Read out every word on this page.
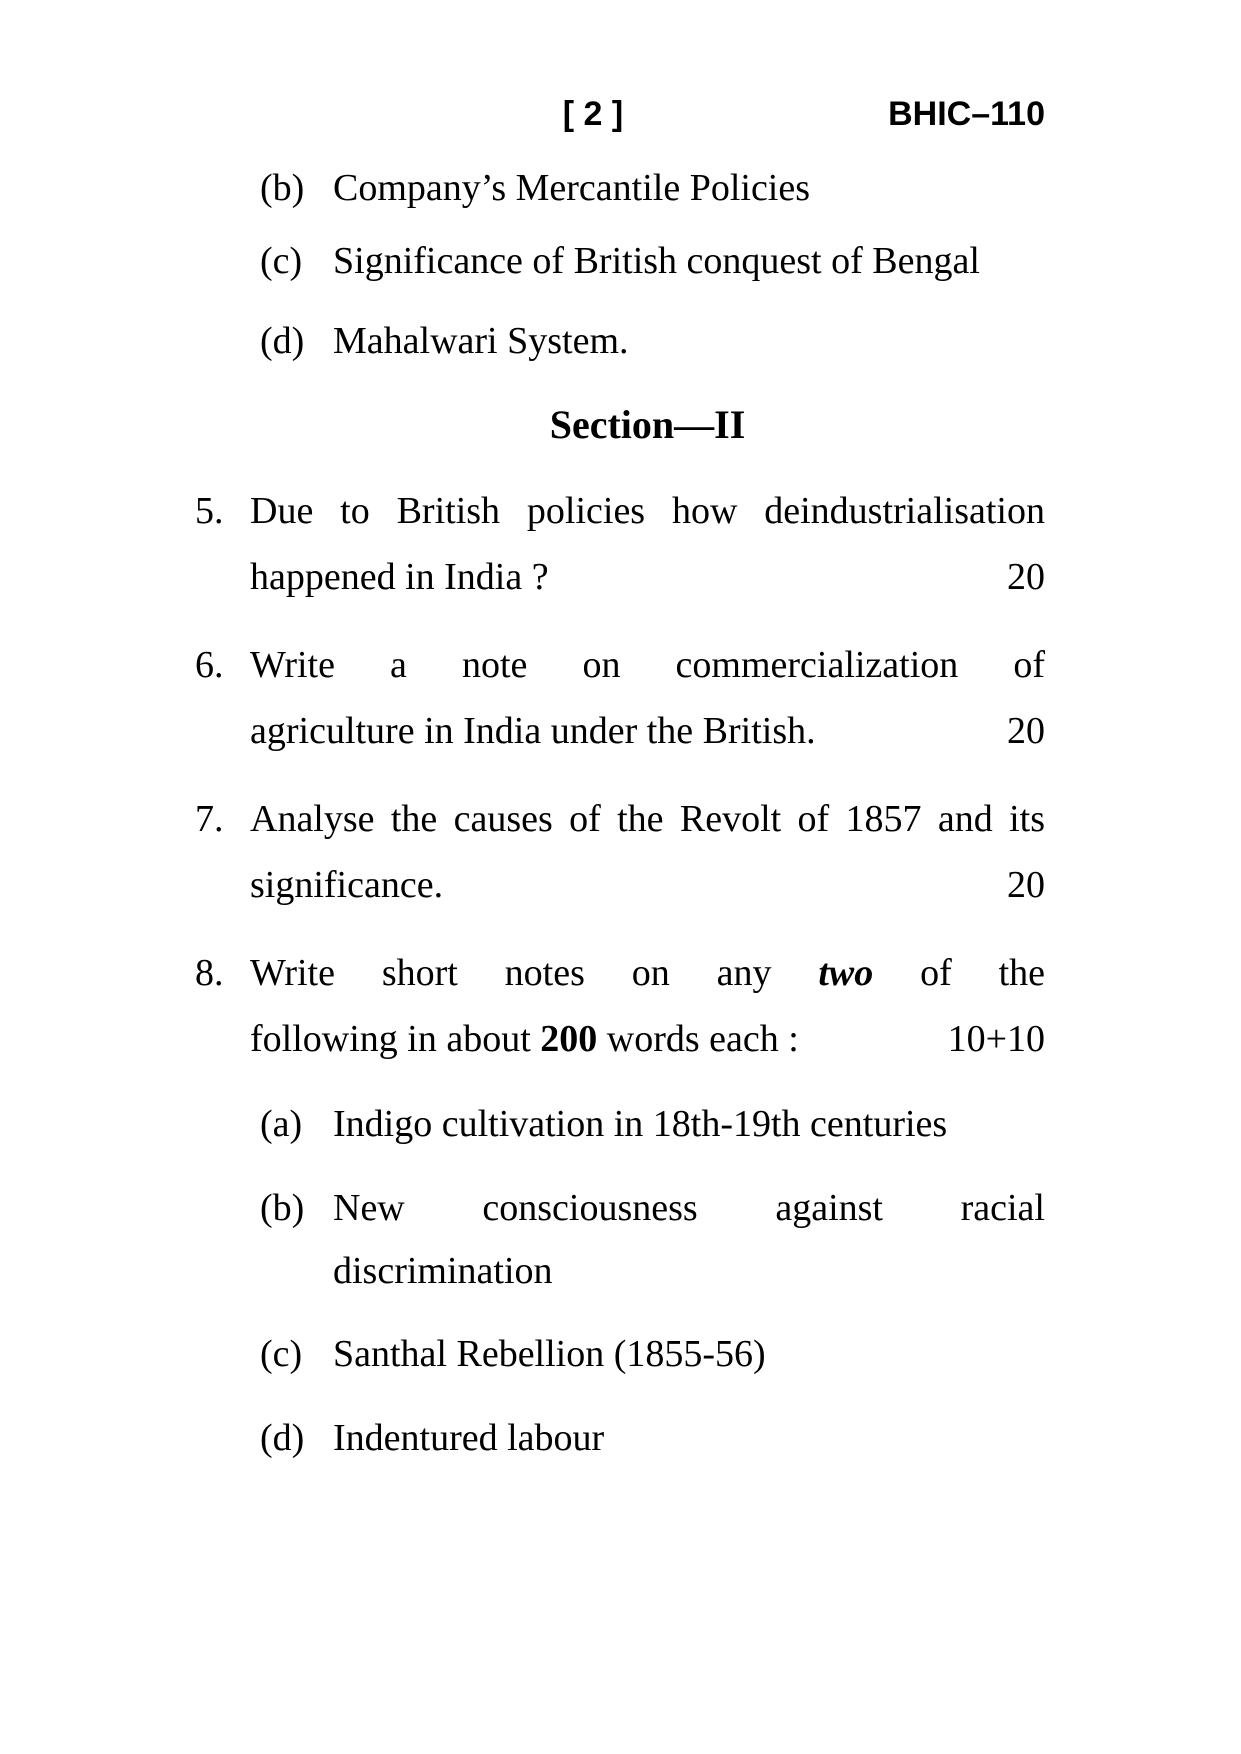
[ 2 ]	BHIC–110
(b) Company’s Mercantile Policies
(c) Significance of British conquest of Bengal
(d) Mahalwari System.
Section—II
5. Due to British policies how deindustrialisation
happened in India ?	20
6. Write a note on commercialization of
agriculture in India under the British.	20
7. Analyse the causes of the Revolt of 1857 and its
significance.	20
8. Write short notes on any two of the
following in about 200 words each :	10+10
(a) Indigo cultivation in 18th-19th centuries
(b) New consciousness against racial
discrimination
(c) Santhal Rebellion (1855-56)
(d) Indentured labour
